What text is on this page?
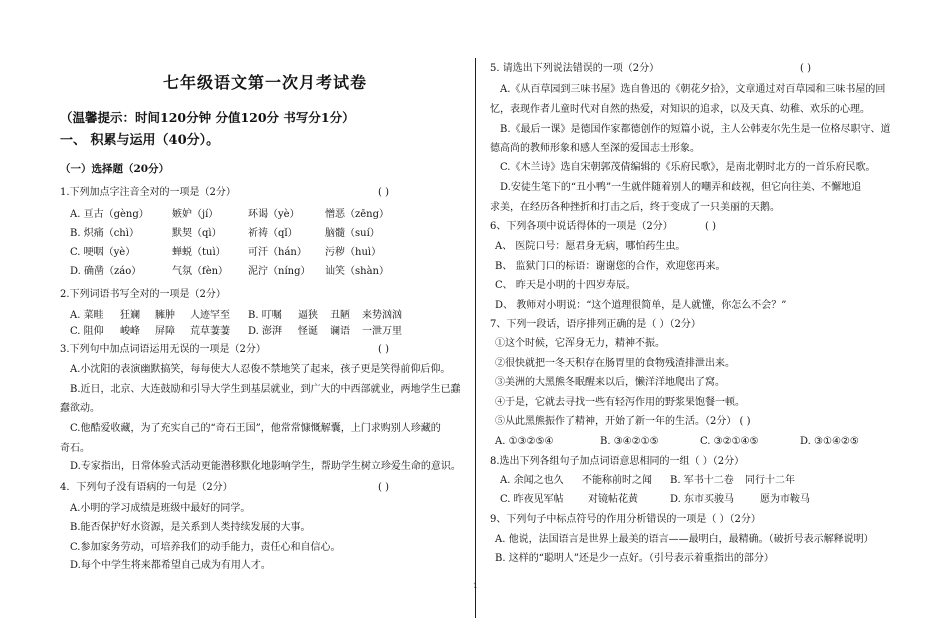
七年级语文第一次月考试卷
（温馨提示：时间120分钟 分值120分 书写分1分）
一、 积累与运用（40分）。
（一）选择题（20分）
1.下列加点字注音全对的一项是（2分）	( )
A. 亘古（gèng） 嫉妒（jí）	环谒（yè）	憎恶（zēng）
B. 炽痛（chì）	默契（qì）	祈祷（qǐ）	脑髓（suí）
C. 哽咽（yè）	蝉蜕（tuì） 可汗（hán） 污秽（huì）
D. 确凿（záo）	气氛（fèn） 泥泞（níng） 讪笑（shàn）
2.下列词语书写全对的一项是（2分）
A. 菜畦 狂斓 臃肿 人迹罕至 B. 叮嘱 逼狭 丑陋 来势汹汹
C. 阻仰 峻峰 屏障 荒草萋萋 D. 澎湃 怪诞 谰语 一泄万里
3.下列句中加点词语运用无误的一项是（2分）	( )
A.小沈阳的表演幽默搞笑，每每使大人忍俊不禁地笑了起来，孩子更是笑得前仰后仰。
B.近日，北京、大连鼓励和引导大学生到基层就业，到广大的中西部就业，两地学生已蠢
蠢欲动。
C.他酷爱收藏，为了充实自己的“奇石王国”，他常常慷慨解囊，上门求购别人珍藏的
奇石。
D.专家指出，日常体验式活动更能潜移默化地影响学生，帮助学生树立珍爱生命的意识。
4．下列句子没有语病的一句是（2分）	( )
A.小明的学习成绩是班级中最好的同学。
B.能否保护好水资源，是关系到人类持续发展的大事。
C.参加家务劳动，可培养我们的动手能力，责任心和自信心。
D.每个中学生将来都希望自己成为有用人才。
5. 请选出下列说法错误的一项（2分）	( )
A.《从百草园到三味书屋》选自鲁迅的《朝花夕拾》，文章通过对百草园和三味书屋的回
忆，表现作者儿童时代对自然的热爱，对知识的追求，以及天真、幼稚、欢乐的心理。
B.《最后一课》是德国作家都德创作的短篇小说，主人公韩麦尔先生是一位格尽职守、道
德高尚的教师形象和感人至深的爱国志士形象。
C.《木兰诗》选自宋朝郭茂倩编辑的《乐府民歌》，是南北朝时北方的一首乐府民歌。
D.安徒生笔下的“丑小鸭”一生就伴随着别人的嘲弄和歧视，但它向往美、不懈地追
求美，在经历各种挫折和打击之后，终于变成了一只美丽的天鹅。
6、下列各项中说话得体的一项是（2分）	( )
A、 医院口号：愿君身无病，哪怕药生虫。
B、 监狱门口的标语：谢谢您的合作，欢迎您再来。
C、 昨天是小明的十四岁寿辰。
D、 教师对小明说：“这个道理很简单，是人就懂，你怎么不会？”
7、下列一段话，语序排列正确的是（ ）（2分）
①这个时候，它浑身无力，精神不振。
②很快就把一冬天积存在肠胃里的食物残渣排泄出来。
③美洲的大黑熊冬眠醒来以后，懒洋洋地爬出了窝。
④于是，它就去寻找一些有轻泻作用的野浆果饱餐一顿。
⑤从此黑熊振作了精神，开始了新一年的生活。（2分） ( )
A. ①③②⑤④	B. ③④②①⑤	C. ③②①④⑤	D. ③①④②⑤
8.选出下列各组句子加点词语意思相同的一组（ ）（2分）
A. 余闻之也久 不能称前时之闻 B. 军书十二卷 同行十二年
C. 昨夜见军帖 对镜帖花黄	D. 东市买骏马	愿为市鞍马
9、下列句子中标点符号的作用分析错误的一项是（ ）（2分）
A. 他说，法国语言是世界上最美的语言——最明白，最精确。（破折号表示解释说明）
B. 这样的“聪明人”还是少一点好。（引号表示着重指出的部分）
1
